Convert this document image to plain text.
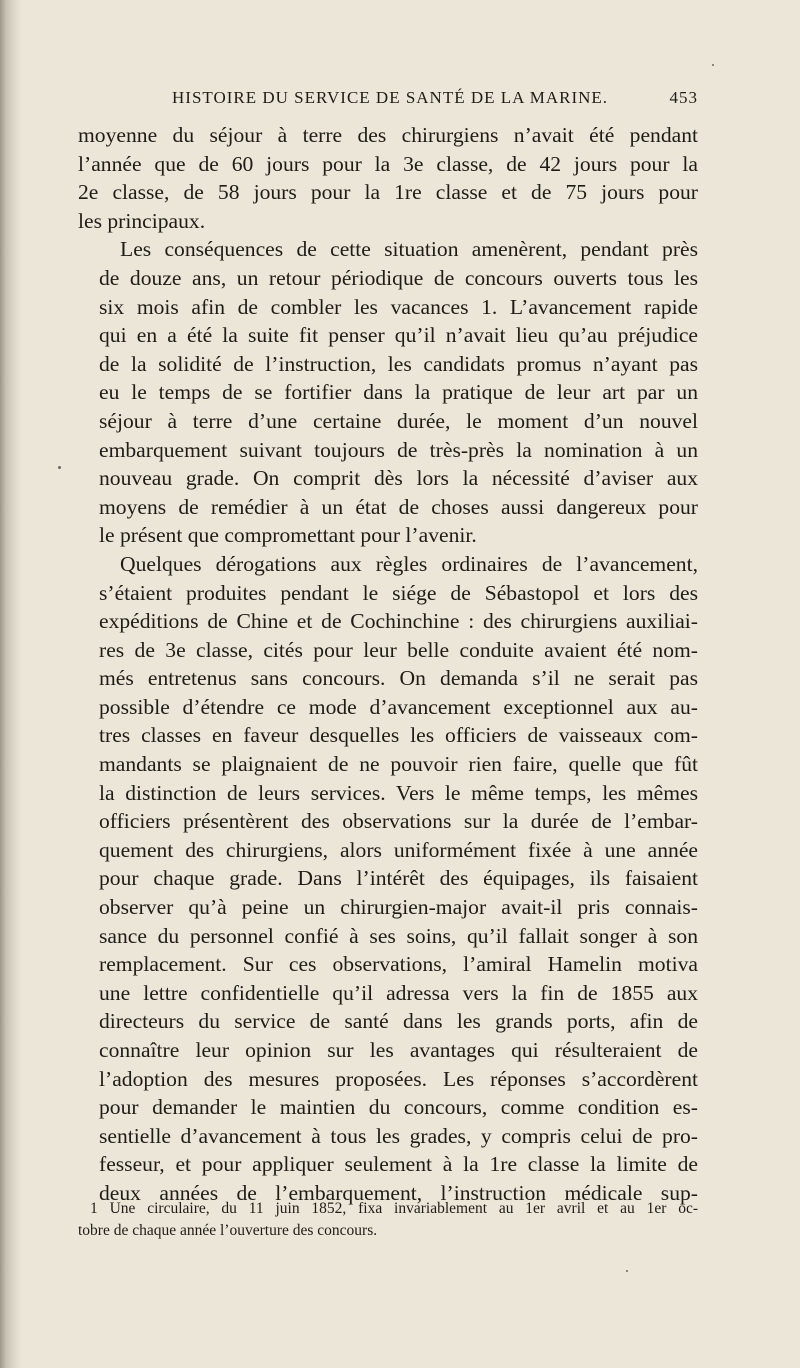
HISTOIRE DU SERVICE DE SANTÉ DE LA MARINE.	453

moyenne du séjour à terre des chirurgiens n’avait été pendant
l’année que de 60 jours pour la 3e classe, de 42 jours pour la
2e classe, de 58 jours pour la 1re classe et de 75 jours pour
les principaux.

Les conséquences de cette situation amenèrent, pendant près
de douze ans, un retour périodique de concours ouverts tous les
six mois afin de combler les vacances 1. L’avancement rapide
qui en a été la suite fit penser qu’il n’avait lieu qu’au préjudice
de la solidité de l’instruction, les candidats promus n’ayant pas
eu le temps de se fortifier dans la pratique de leur art par un
séjour à terre d’une certaine durée, le moment d’un nouvel
embarquement suivant toujours de très-près la nomination à un
nouveau grade. On comprit dès lors la nécessité d’aviser aux
moyens de remédier à un état de choses aussi dangereux pour
le présent que compromettant pour l’avenir.

Quelques dérogations aux règles ordinaires de l’avancement,
s’étaient produites pendant le siége de Sébastopol et lors des
expéditions de Chine et de Cochinchine : des chirurgiens auxiliai-
res de 3e classe, cités pour leur belle conduite avaient été nom-
més entretenus sans concours. On demanda s’il ne serait pas
possible d’étendre ce mode d’avancement exceptionnel aux au-
tres classes en faveur desquelles les officiers de vaisseaux com-
mandants se plaignaient de ne pouvoir rien faire, quelle que fût
la distinction de leurs services. Vers le même temps, les mêmes
officiers présentèrent des observations sur la durée de l’embar-
quement des chirurgiens, alors uniformément fixée à une année
pour chaque grade. Dans l’intérêt des équipages, ils faisaient
observer qu’à peine un chirurgien-major avait-il pris connais-
sance du personnel confié à ses soins, qu’il fallait songer à son
remplacement. Sur ces observations, l’amiral Hamelin motiva
une lettre confidentielle qu’il adressa vers la fin de 1855 aux
directeurs du service de santé dans les grands ports, afin de
connaître leur opinion sur les avantages qui résulteraient de
l’adoption des mesures proposées. Les réponses s’accordèrent
pour demander le maintien du concours, comme condition es-
sentielle d’avancement à tous les grades, y compris celui de pro-
fesseur, et pour appliquer seulement à la 1re classe la limite de
deux années de l’embarquement, l’instruction médicale sup-

1 Une circulaire, du 11 juin 1852, fixa invariablement au 1er avril et au 1er oc-
tobre de chaque année l’ouverture des concours.
